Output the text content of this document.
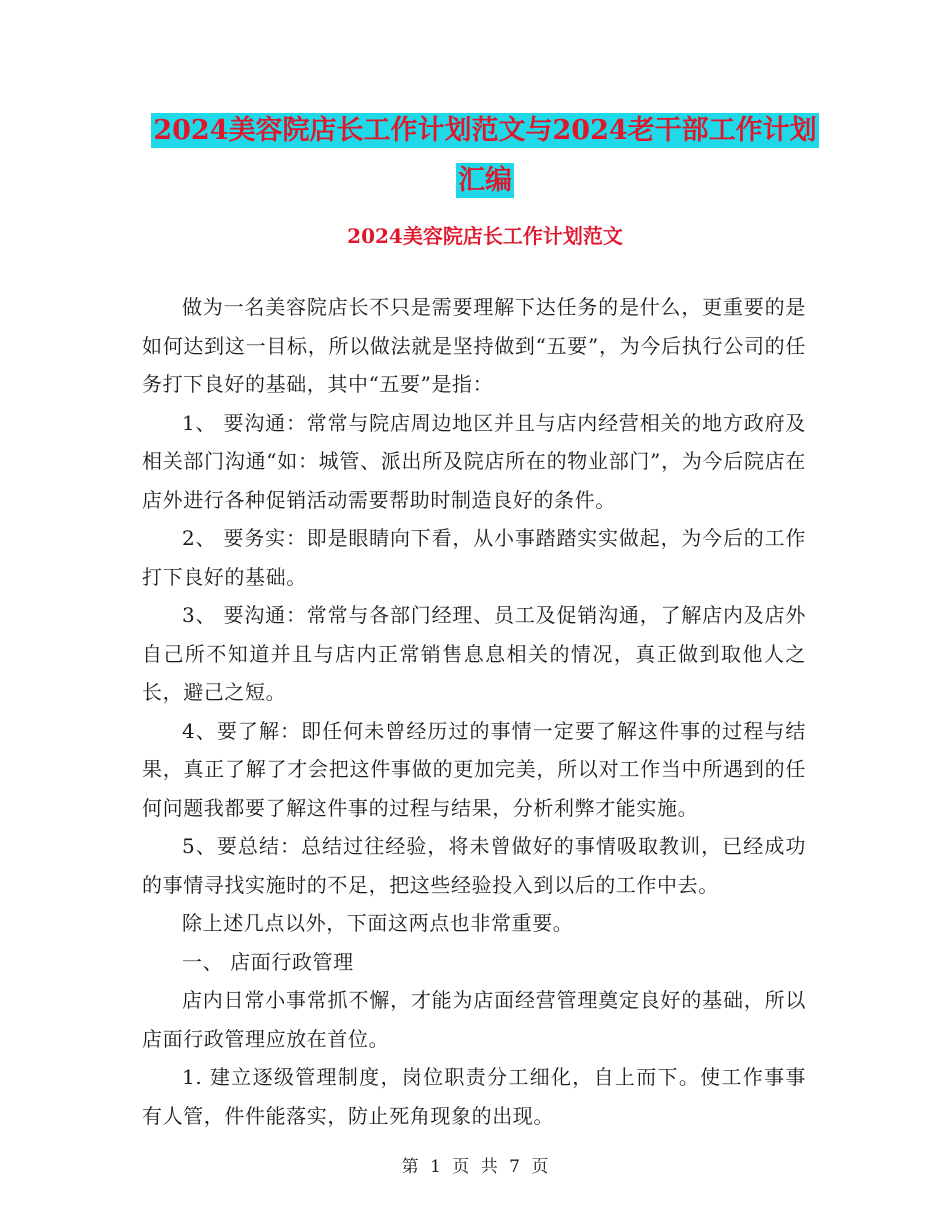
2024美容院店长工作计划范文与2024老干部工作计划
汇编
2024美容院店长工作计划范文

做为一名美容院店长不只是需要理解下达任务的是什么，更重要的是如何达到这一目标，所以做法就是坚持做到“五要”，为今后执行公司的任务打下良好的基础，其中“五要”是指：

1、 要沟通：常常与院店周边地区并且与店内经营相关的地方政府及相关部门沟通“如：城管、派出所及院店所在的物业部门”，为今后院店在店外进行各种促销活动需要帮助时制造良好的条件。

2、 要务实：即是眼睛向下看，从小事踏踏实实做起，为今后的工作打下良好的基础。

3、 要沟通：常常与各部门经理、员工及促销沟通，了解店内及店外自己所不知道并且与店内正常销售息息相关的情况，真正做到取他人之长，避己之短。

4、要了解：即任何未曾经历过的事情一定要了解这件事的过程与结果，真正了解了才会把这件事做的更加完美，所以对工作当中所遇到的任何问题我都要了解这件事的过程与结果，分析利弊才能实施。

5、要总结：总结过往经验，将未曾做好的事情吸取教训，已经成功的事情寻找实施时的不足，把这些经验投入到以后的工作中去。

除上述几点以外，下面这两点也非常重要。

一、 店面行政管理

店内日常小事常抓不懈，才能为店面经营管理奠定良好的基础，所以店面行政管理应放在首位。

1. 建立逐级管理制度，岗位职责分工细化，自上而下。使工作事事有人管，件件能落实，防止死角现象的出现。

第 1 页 共 7 页
